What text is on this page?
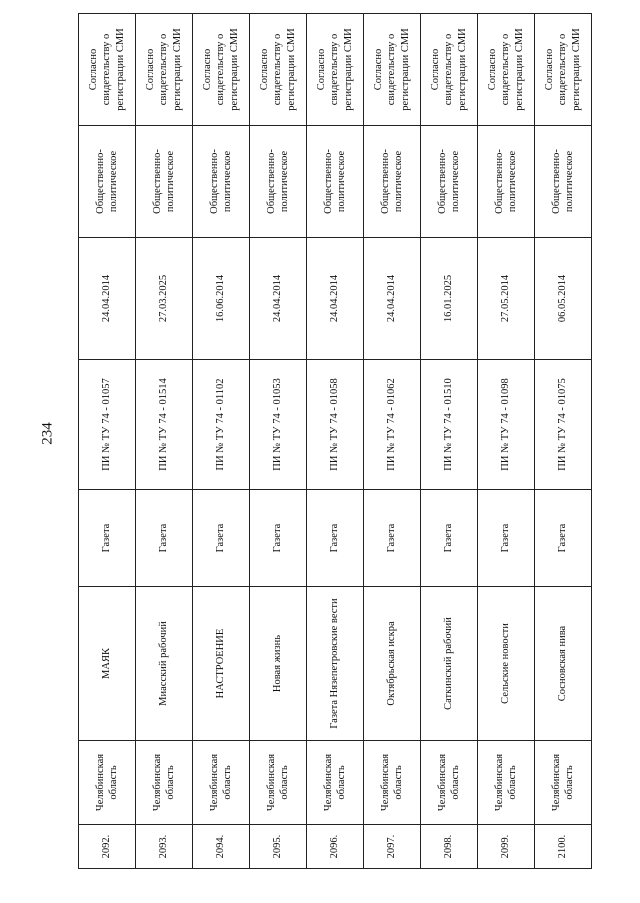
234
2092.	Челябинская область	МАЯК	Газета	ПИ № ТУ 74 - 01057	24.04.2014	Общественно-политическое	Согласно свидетельству о регистрации СМИ
2093.	Челябинская область	Миасский рабочий	Газета	ПИ № ТУ 74 - 01514	27.03.2025	Общественно-политическое	Согласно свидетельству о регистрации СМИ
2094.	Челябинская область	НАСТРОЕНИЕ	Газета	ПИ № ТУ 74 - 01102	16.06.2014	Общественно-политическое	Согласно свидетельству о регистрации СМИ
2095.	Челябинская область	Новая жизнь	Газета	ПИ № ТУ 74 - 01053	24.04.2014	Общественно-политическое	Согласно свидетельству о регистрации СМИ
2096.	Челябинская область	Газета Нязепетровские вести	Газета	ПИ № ТУ 74 - 01058	24.04.2014	Общественно-политическое	Согласно свидетельству о регистрации СМИ
2097.	Челябинская область	Октябрьская искра	Газета	ПИ № ТУ 74 - 01062	24.04.2014	Общественно-политическое	Согласно свидетельству о регистрации СМИ
2098.	Челябинская область	Саткинский рабочий	Газета	ПИ № ТУ 74 - 01510	16.01.2025	Общественно-политическое	Согласно свидетельству о регистрации СМИ
2099.	Челябинская область	Сельские новости	Газета	ПИ № ТУ 74 - 01098	27.05.2014	Общественно-политическое	Согласно свидетельству о регистрации СМИ
2100.	Челябинская область	Сосновская нива	Газета	ПИ № ТУ 74 - 01075	06.05.2014	Общественно-политическое	Согласно свидетельству о регистрации СМИ
